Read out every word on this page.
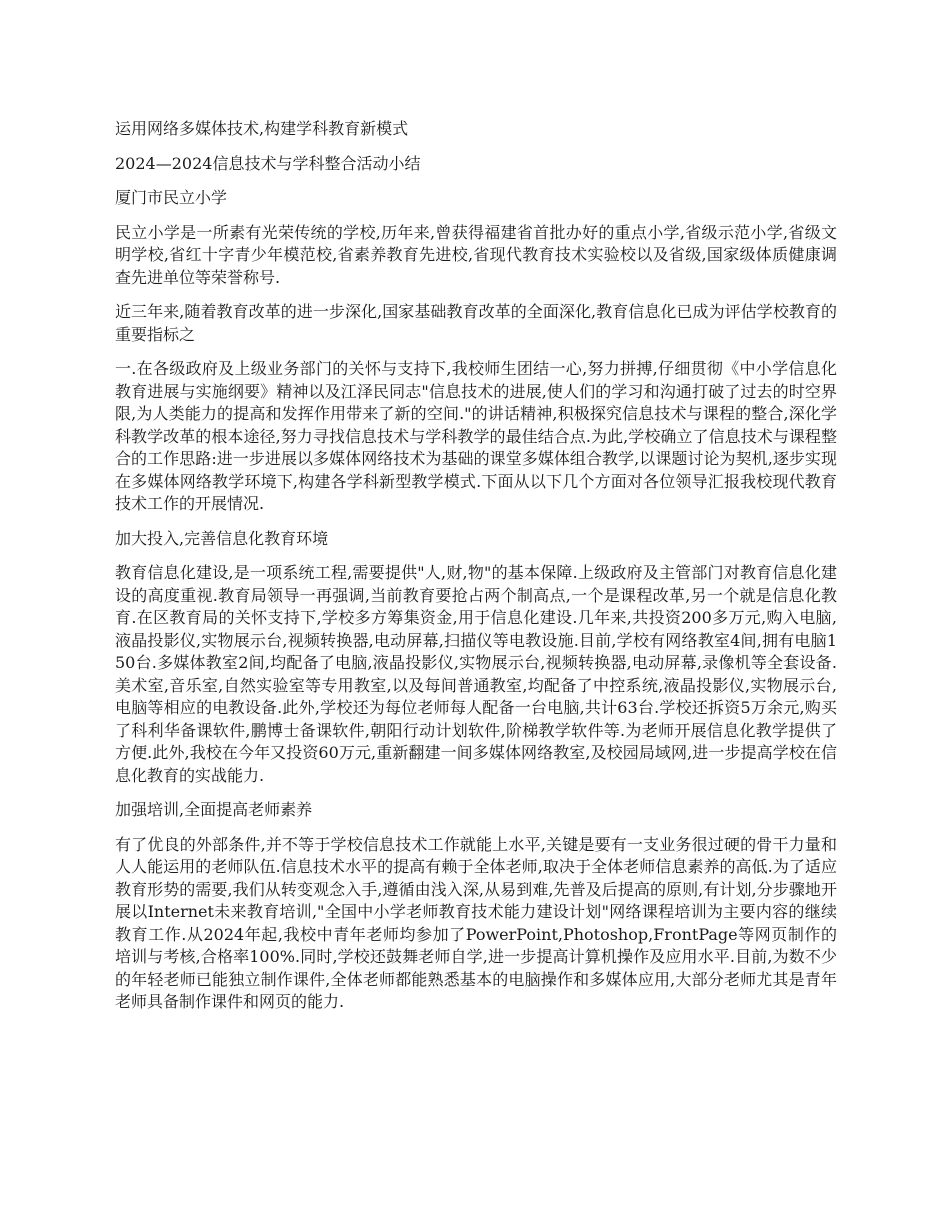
运用网络多媒体技术,构建学科教育新模式

2024—2024信息技术与学科整合活动小结

厦门市民立小学

民立小学是一所素有光荣传统的学校,历年来,曾获得福建省首批办好的重点小学,省级示范小学,省级文明学校,省红十字青少年模范校,省素养教育先进校,省现代教育技术实验校以及省级,国家级体质健康调查先进单位等荣誉称号.

近三年来,随着教育改革的进一步深化,国家基础教育改革的全面深化,教育信息化已成为评估学校教育的重要指标之

一.在各级政府及上级业务部门的关怀与支持下,我校师生团结一心,努力拼搏,仔细贯彻《中小学信息化教育进展与实施纲要》精神以及江泽民同志"信息技术的进展,使人们的学习和沟通打破了过去的时空界限,为人类能力的提高和发挥作用带来了新的空间."的讲话精神,积极探究信息技术与课程的整合,深化学科教学改革的根本途径,努力寻找信息技术与学科教学的最佳结合点.为此,学校确立了信息技术与课程整合的工作思路:进一步进展以多媒体网络技术为基础的课堂多媒体组合教学,以课题讨论为契机,逐步实现在多媒体网络教学环境下,构建各学科新型教学模式.下面从以下几个方面对各位领导汇报我校现代教育技术工作的开展情况.

加大投入,完善信息化教育环境

教育信息化建设,是一项系统工程,需要提供"人,财,物"的基本保障.上级政府及主管部门对教育信息化建设的高度重视.教育局领导一再强调,当前教育要抢占两个制高点,一个是课程改革,另一个就是信息化教育.在区教育局的关怀支持下,学校多方筹集资金,用于信息化建设.几年来,共投资200多万元,购入电脑,液晶投影仪,实物展示台,视频转换器,电动屏幕,扫描仪等电教设施.目前,学校有网络教室4间,拥有电脑150台.多媒体教室2间,均配备了电脑,液晶投影仪,实物展示台,视频转换器,电动屏幕,录像机等全套设备.美术室,音乐室,自然实验室等专用教室,以及每间普通教室,均配备了中控系统,液晶投影仪,实物展示台,电脑等相应的电教设备.此外,学校还为每位老师每人配备一台电脑,共计63台.学校还拆资5万余元,购买了科利华备课软件,鹏博士备课软件,朝阳行动计划软件,阶梯教学软件等.为老师开展信息化教学提供了方便.此外,我校在今年又投资60万元,重新翻建一间多媒体网络教室,及校园局域网,进一步提高学校在信息化教育的实战能力.

加强培训,全面提高老师素养

有了优良的外部条件,并不等于学校信息技术工作就能上水平,关键是要有一支业务很过硬的骨干力量和人人能运用的老师队伍.信息技术水平的提高有赖于全体老师,取决于全体老师信息素养的高低.为了适应教育形势的需要,我们从转变观念入手,遵循由浅入深,从易到难,先普及后提高的原则,有计划,分步骤地开展以Internet未来教育培训,"全国中小学老师教育技术能力建设计划"网络课程培训为主要内容的继续教育工作.从2024年起,我校中青年老师均参加了PowerPoint,Photoshop,FrontPage等网页制作的培训与考核,合格率100%.同时,学校还鼓舞老师自学,进一步提高计算机操作及应用水平.目前,为数不少的年轻老师已能独立制作课件,全体老师都能熟悉基本的电脑操作和多媒体应用,大部分老师尤其是青年老师具备制作课件和网页的能力.
